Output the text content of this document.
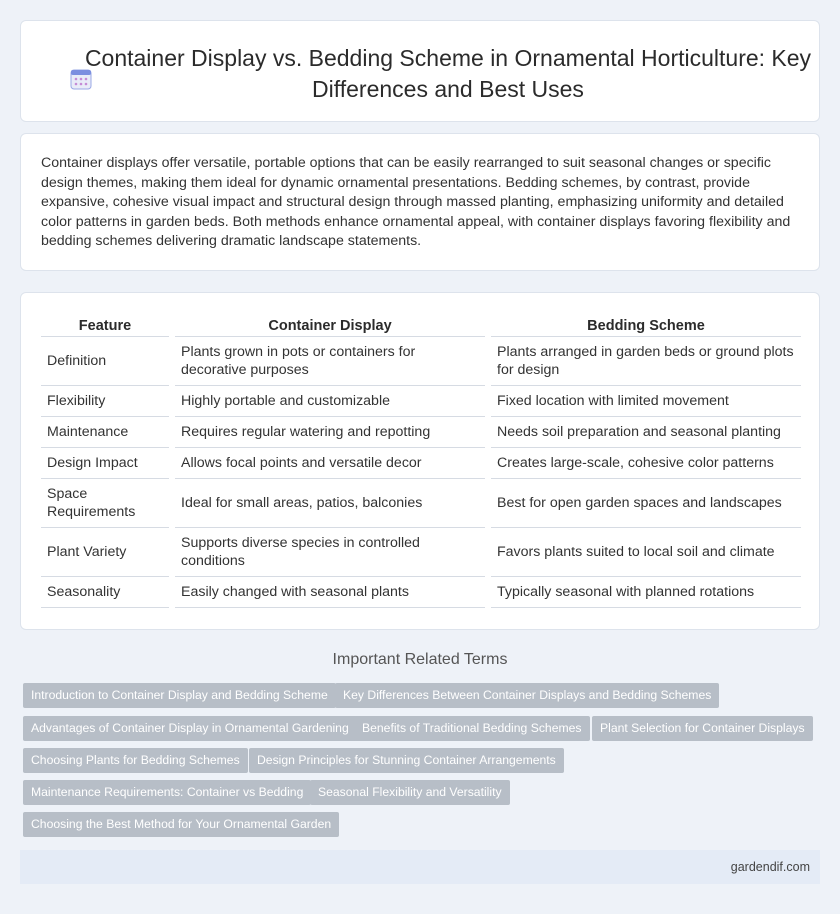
Container Display vs. Bedding Scheme in Ornamental Horticulture: Key Differences and Best Uses

Container displays offer versatile, portable options that can be easily rearranged to suit seasonal changes or specific design themes, making them ideal for dynamic ornamental presentations. Bedding schemes, by contrast, provide expansive, cohesive visual impact and structural design through massed planting, emphasizing uniformity and detailed color patterns in garden beds. Both methods enhance ornamental appeal, with container displays favoring flexibility and bedding schemes delivering dramatic landscape statements.

Feature	Container Display	Bedding Scheme
Definition	Plants grown in pots or containers for decorative purposes	Plants arranged in garden beds or ground plots for design
Flexibility	Highly portable and customizable	Fixed location with limited movement
Maintenance	Requires regular watering and repotting	Needs soil preparation and seasonal planting
Design Impact	Allows focal points and versatile decor	Creates large-scale, cohesive color patterns
Space Requirements	Ideal for small areas, patios, balconies	Best for open garden spaces and landscapes
Plant Variety	Supports diverse species in controlled conditions	Favors plants suited to local soil and climate
Seasonality	Easily changed with seasonal plants	Typically seasonal with planned rotations
Important Related Terms
Introduction to Container Display and Bedding Scheme	Key Differences Between Container Displays and Bedding Schemes
Advantages of Container Display in Ornamental Gardening	Benefits of Traditional Bedding Schemes	Plant Selection for Container Displays
Choosing Plants for Bedding Schemes	Design Principles for Stunning Container Arrangements
Maintenance Requirements: Container vs Bedding	Seasonal Flexibility and Versatility
Choosing the Best Method for Your Ornamental Garden
gardendif.com
